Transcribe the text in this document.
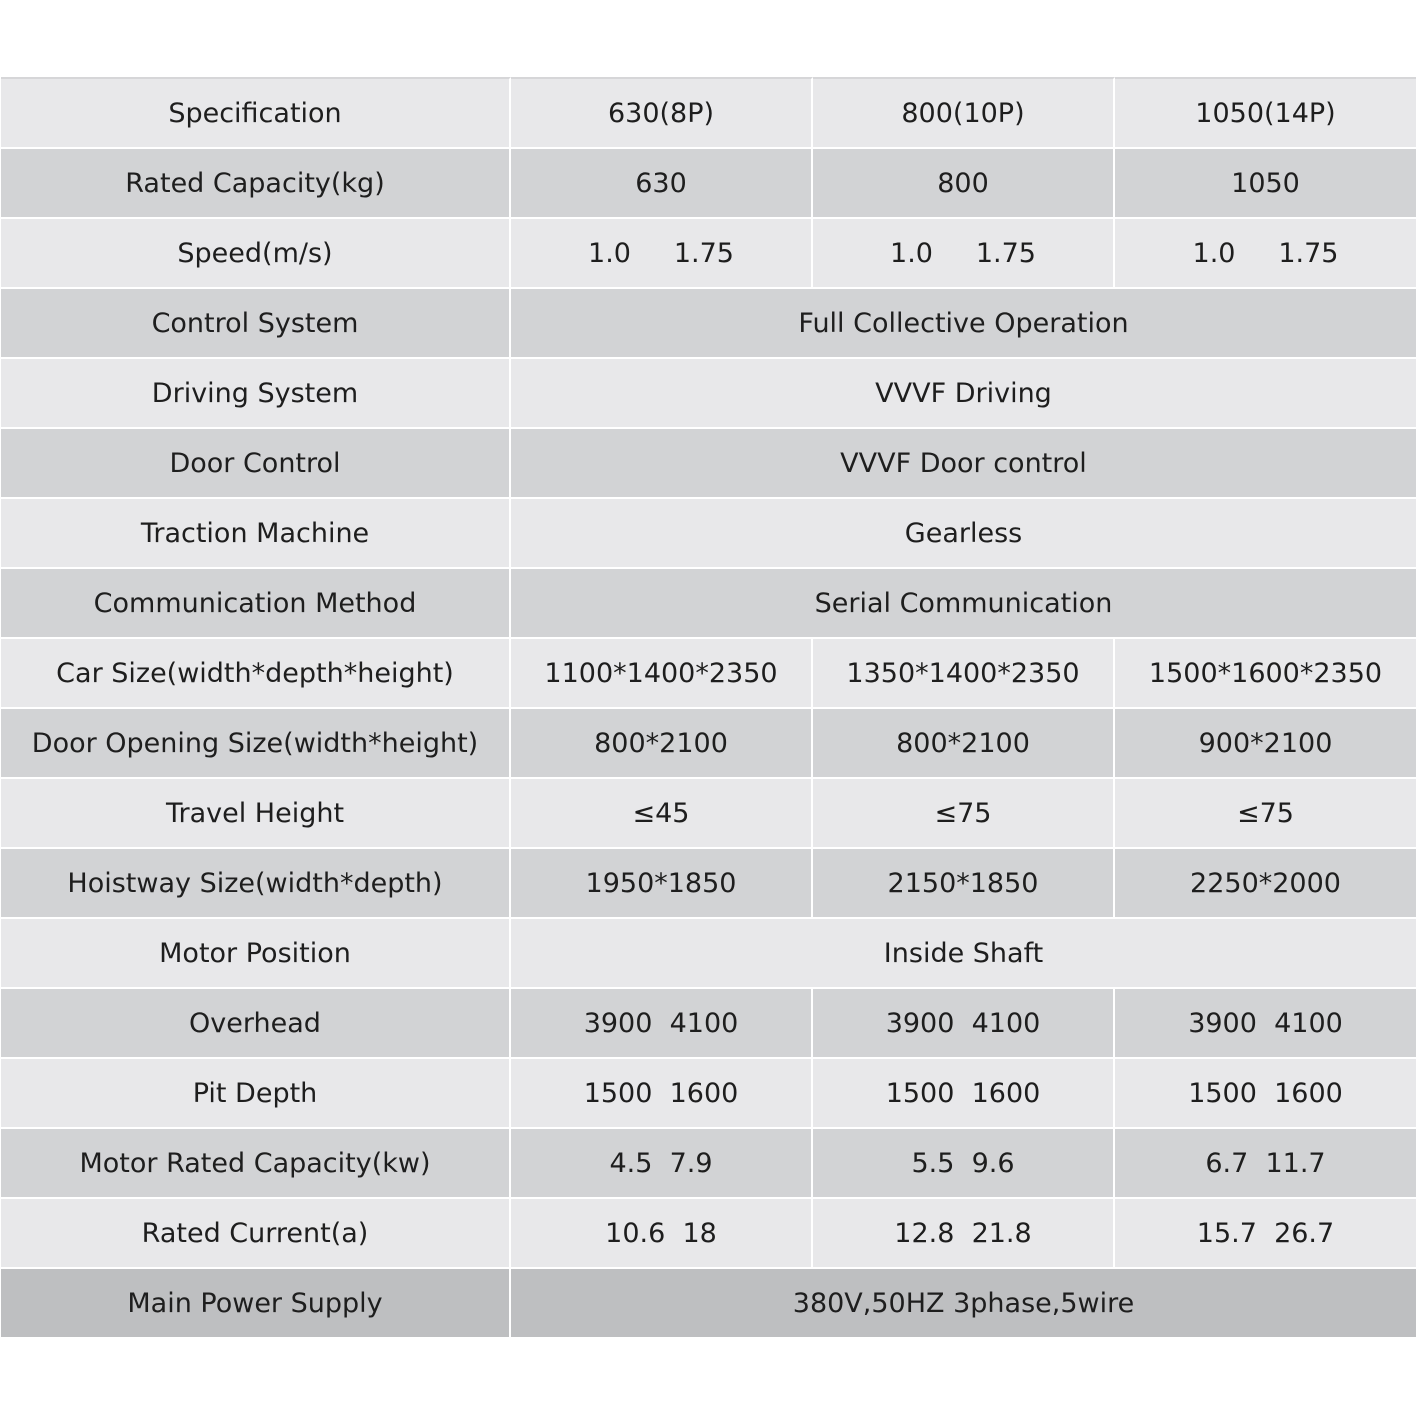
Specification	630(8P)	800(10P)	1050(14P)
Rated Capacity(kg)	630	800	1050
Speed(m/s)	1.0     1.75	1.0     1.75	1.0     1.75
Control System	Full Collective Operation		
Driving System	VVVF Driving		
Door Control	VVVF Door control		
Traction Machine	Gearless		
Communication Method	Serial Communication		
Car Size(width*depth*height)	1100*1400*2350	1350*1400*2350	1500*1600*2350
Door Opening Size(width*height)	800*2100	800*2100	900*2100
Travel Height	≤45	≤75	≤75
Hoistway Size(width*depth)	1950*1850	2150*1850	2250*2000
Motor Position	Inside Shaft		
Overhead	3900  4100	3900  4100	3900  4100
Pit Depth	1500  1600	1500  1600	1500  1600
Motor Rated Capacity(kw)	4.5  7.9	5.5  9.6	6.7  11.7
Rated Current(a)	10.6  18	12.8  21.8	15.7  26.7
Main Power Supply	380V,50HZ 3phase,5wire		
